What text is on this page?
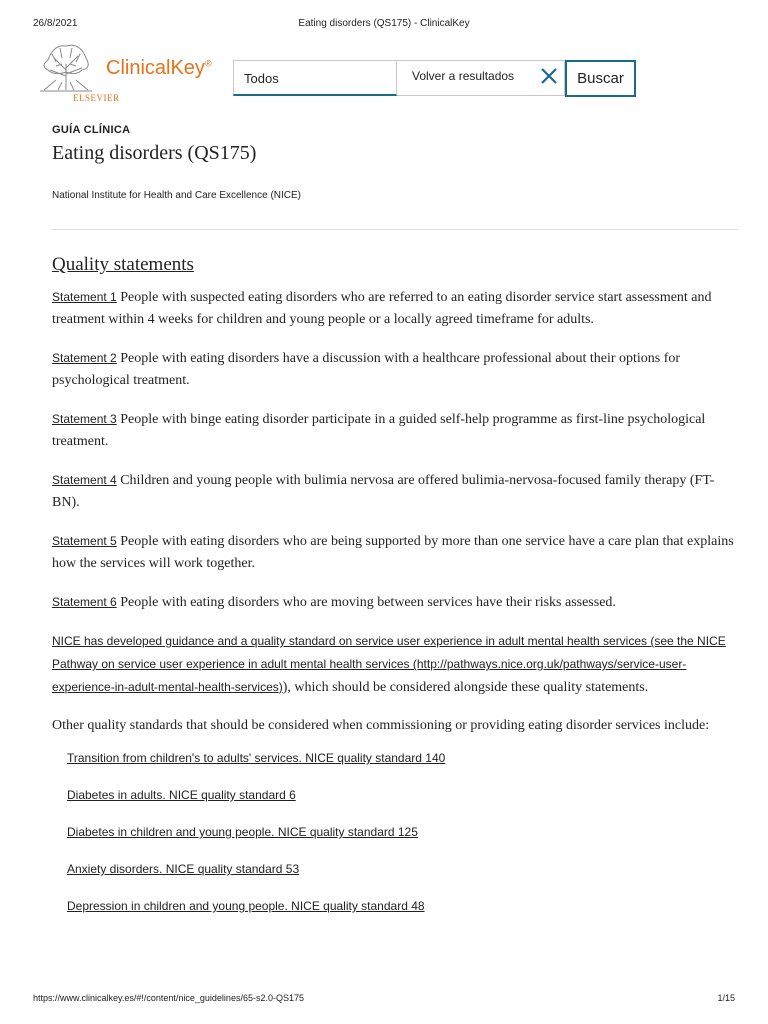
26/8/2021	Eating disorders (QS175) - ClinicalKey
ELSEVIER
ClinicalKey®
Todos	Volver a resultados	Buscar

GUÍA CLÍNICA

Eating disorders (QS175)

National Institute for Health and Care Excellence (NICE)

Quality statements

Statement 1 People with suspected eating disorders who are referred to an eating disorder service start assessment and treatment within 4 weeks for children and young people or a locally agreed timeframe for adults.

Statement 2 People with eating disorders have a discussion with a healthcare professional about their options for psychological treatment.

Statement 3 People with binge eating disorder participate in a guided self-help programme as first-line psychological treatment.

Statement 4 Children and young people with bulimia nervosa are offered bulimia-nervosa-focused family therapy (FT-BN).

Statement 5 People with eating disorders who are being supported by more than one service have a care plan that explains how the services will work together.

Statement 6 People with eating disorders who are moving between services have their risks assessed.

NICE has developed guidance and a quality standard on service user experience in adult mental health services (see the NICE Pathway on service user experience in adult mental health services (http://pathways.nice.org.uk/pathways/service-user-experience-in-adult-mental-health-services)), which should be considered alongside these quality statements.

Other quality standards that should be considered when commissioning or providing eating disorder services include:

Transition from children's to adults' services. NICE quality standard 140
Diabetes in adults. NICE quality standard 6
Diabetes in children and young people. NICE quality standard 125
Anxiety disorders. NICE quality standard 53
Depression in children and young people. NICE quality standard 48
https://www.clinicalkey.es/#!/content/nice_guidelines/65-s2.0-QS175	1/15
